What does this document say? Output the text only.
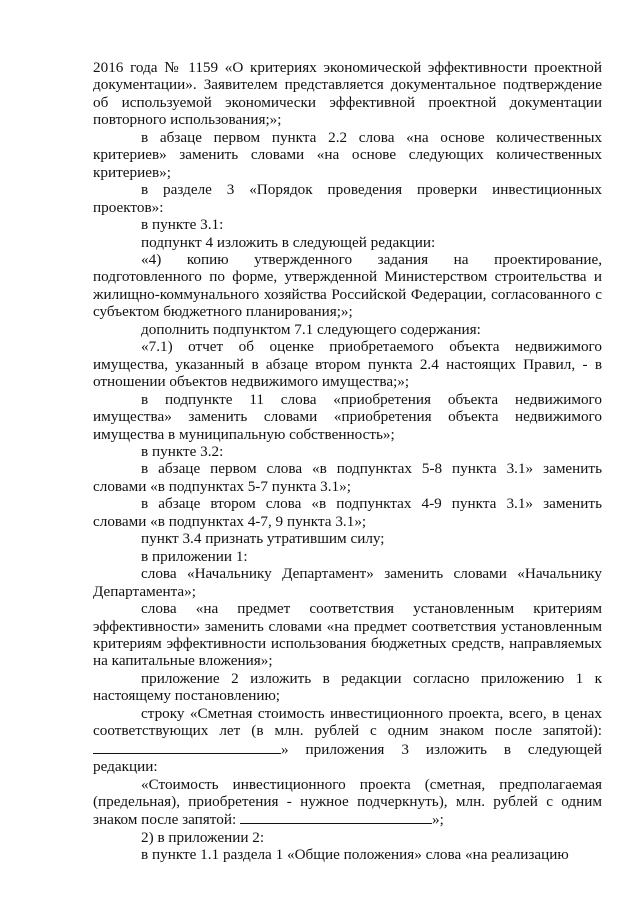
2016 года № 1159 «О критериях экономической эффективности проектной документации». Заявителем представляется документальное подтверждение об используемой экономически эффективной проектной документации повторного использования;»;

в абзаце первом пункта 2.2 слова «на основе количественных критериев» заменить словами «на основе следующих количественных критериев»;

в разделе 3 «Порядок проведения проверки инвестиционных проектов»:

в пункте 3.1:

подпункт 4 изложить в следующей редакции:

«4) копию утвержденного задания на проектирование, подготовленного по форме, утвержденной Министерством строительства и жилищно-коммунального хозяйства Российской Федерации, согласованного с субъектом бюджетного планирования;»;

дополнить подпунктом 7.1 следующего содержания:

«7.1) отчет об оценке приобретаемого объекта недвижимого имущества, указанный в абзаце втором пункта 2.4 настоящих Правил, - в отношении объектов недвижимого имущества;»;

в подпункте 11 слова «приобретения объекта недвижимого имущества» заменить словами «приобретения объекта недвижимого имущества в муниципальную собственность»;

в пункте 3.2:

в абзаце первом слова «в подпунктах 5-8 пункта 3.1» заменить словами «в подпунктах 5-7 пункта 3.1»;

в абзаце втором слова «в подпунктах 4-9 пункта 3.1» заменить словами «в подпунктах 4-7, 9 пункта 3.1»;

пункт 3.4 признать утратившим силу;

в приложении 1:

слова «Начальнику Департамент» заменить словами «Начальнику Департамента»;

слова «на предмет соответствия установленным критериям эффективности» заменить словами «на предмет соответствия установленным критериям эффективности использования бюджетных средств, направляемых на капитальные вложения»;

приложение 2 изложить в редакции согласно приложению 1 к настоящему постановлению;

строку «Сметная стоимость инвестиционного проекта, всего, в ценах соответствующих лет (в млн. рублей с одним знаком после запятой): » приложения 3 изложить в следующей редакции:

«Стоимость инвестиционного проекта (сметная, предполагаемая (предельная), приобретения - нужное подчеркнуть), млн. рублей с одним знаком после запятой:	»;

2) в приложении 2:

в пункте 1.1 раздела 1 «Общие положения» слова «на реализацию
